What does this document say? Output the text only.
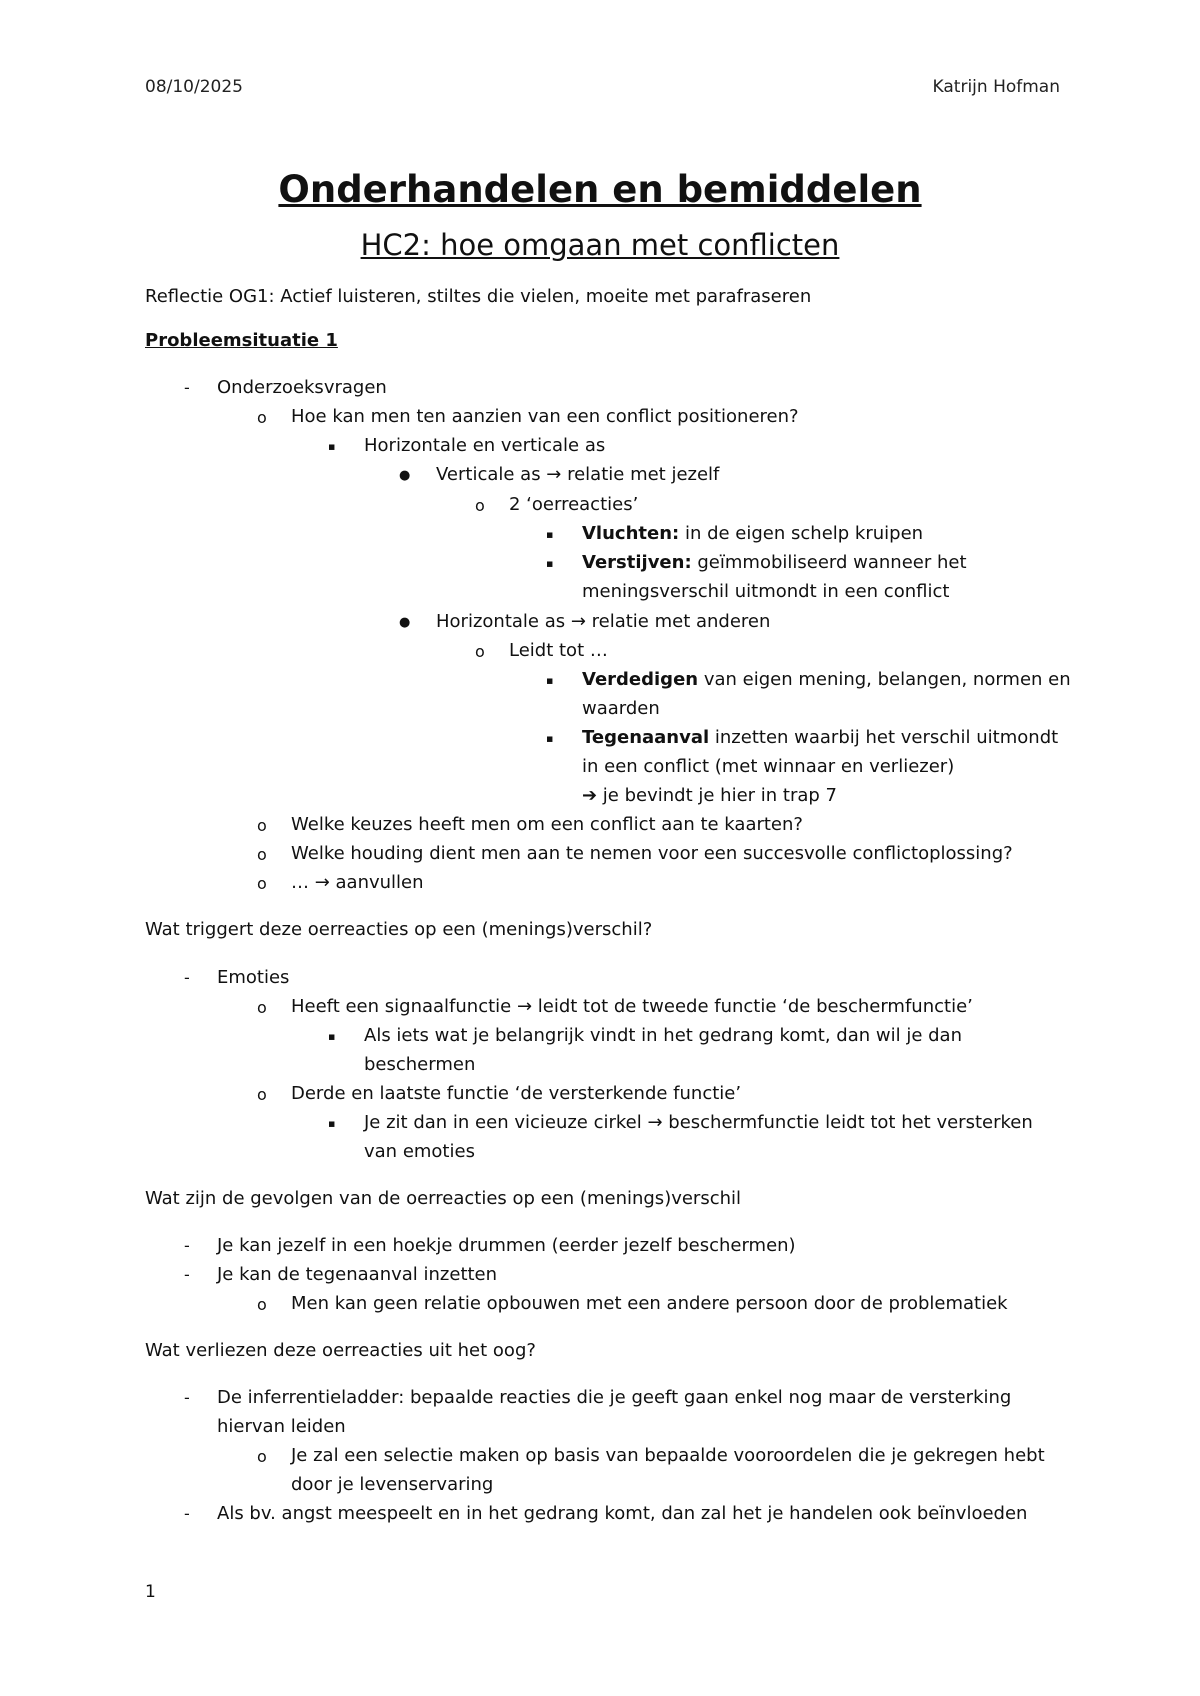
08/10/2025	Katrijn Hofman
Onderhandelen en bemiddelen
HC2: hoe omgaan met conflicten
Reflectie OG1: Actief luisteren, stiltes die vielen, moeite met parafraseren
Probleemsituatie 1
- Onderzoeksvragen
o Hoe kan men ten aanzien van een conflict positioneren?
▪ Horizontale en verticale as
● Verticale as → relatie met jezelf
o 2 ‘oerreacties’
▪ Vluchten: in de eigen schelp kruipen
▪ Verstijven: geïmmobiliseerd wanneer het
meningsverschil uitmondt in een conflict
● Horizontale as → relatie met anderen
o Leidt tot …
▪ Verdedigen van eigen mening, belangen, normen en
waarden
▪ Tegenaanval inzetten waarbij het verschil uitmondt
in een conflict (met winnaar en verliezer)
➔ je bevindt je hier in trap 7
o Welke keuzes heeft men om een conflict aan te kaarten?
o Welke houding dient men aan te nemen voor een succesvolle conflictoplossing?
o … → aanvullen
Wat triggert deze oerreacties op een (menings)verschil?
- Emoties
o Heeft een signaalfunctie → leidt tot de tweede functie ‘de beschermfunctie’
▪ Als iets wat je belangrijk vindt in het gedrang komt, dan wil je dan
beschermen
o Derde en laatste functie ‘de versterkende functie’
▪ Je zit dan in een vicieuze cirkel → beschermfunctie leidt tot het versterken
van emoties
Wat zijn de gevolgen van de oerreacties op een (menings)verschil
- Je kan jezelf in een hoekje drummen (eerder jezelf beschermen)
- Je kan de tegenaanval inzetten
o Men kan geen relatie opbouwen met een andere persoon door de problematiek
Wat verliezen deze oerreacties uit het oog?
- De inferrentieladder: bepaalde reacties die je geeft gaan enkel nog maar de versterking
hiervan leiden
o Je zal een selectie maken op basis van bepaalde vooroordelen die je gekregen hebt
door je levenservaring
- Als bv. angst meespeelt en in het gedrang komt, dan zal het je handelen ook beïnvloeden
1
